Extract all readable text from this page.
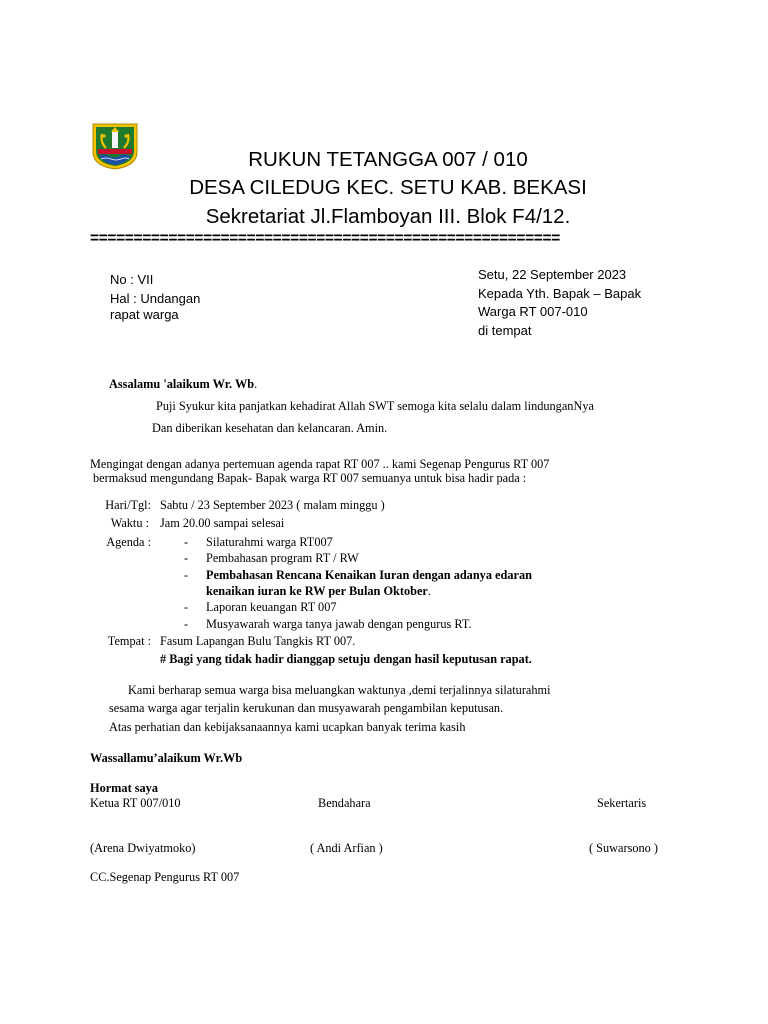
RUKUN TETANGGA 007 / 010
DESA CILEDUG KEC. SETU KAB. BEKASI
Sekretariat Jl.Flamboyan III. Blok F4/12.
======================================================
No : VII
Hal : Undangan
rapat warga
Setu, 22 September 2023
Kepada Yth. Bapak – Bapak
Warga RT 007-010
di tempat
Assalamu 'alaikum Wr. Wb.
Puji Syukur kita panjatkan kehadirat Allah SWT semoga kita selalu dalam lindunganNya
Dan diberikan kesehatan dan kelancaran. Amin.
Mengingat dengan adanya pertemuan agenda rapat RT 007 .. kami Segenap Pengurus RT 007
bermaksud mengundang Bapak- Bapak warga RT 007 semuanya untuk bisa hadir pada :
Hari/Tgl: Sabtu / 23 September 2023 ( malam minggu )
Waktu : Jam 20.00 sampai selesai
Agenda :	- Silaturahmi warga RT007
- Pembahasan program RT / RW
- Pembahasan Rencana Kenaikan Iuran dengan adanya edaran
kenaikan iuran ke RW per Bulan Oktober.
- Laporan keuangan RT 007
- Musyawarah warga tanya jawab dengan pengurus RT.
Tempat : Fasum Lapangan Bulu Tangkis RT 007.
# Bagi yang tidak hadir dianggap setuju dengan hasil keputusan rapat.
Kami berharap semua warga bisa meluangkan waktunya ,demi terjalinnya silaturahmi
sesama warga agar terjalin kerukunan dan musyawarah pengambilan keputusan.
Atas perhatian dan kebijaksanaannya kami ucapkan banyak terima kasih
Wassallamu’alaikum Wr.Wb
Hormat saya
Ketua RT 007/010	Bendahara	Sekertaris
(Arena Dwiyatmoko)	( Andi Arfian )	( Suwarsono )
CC.Segenap Pengurus RT 007
